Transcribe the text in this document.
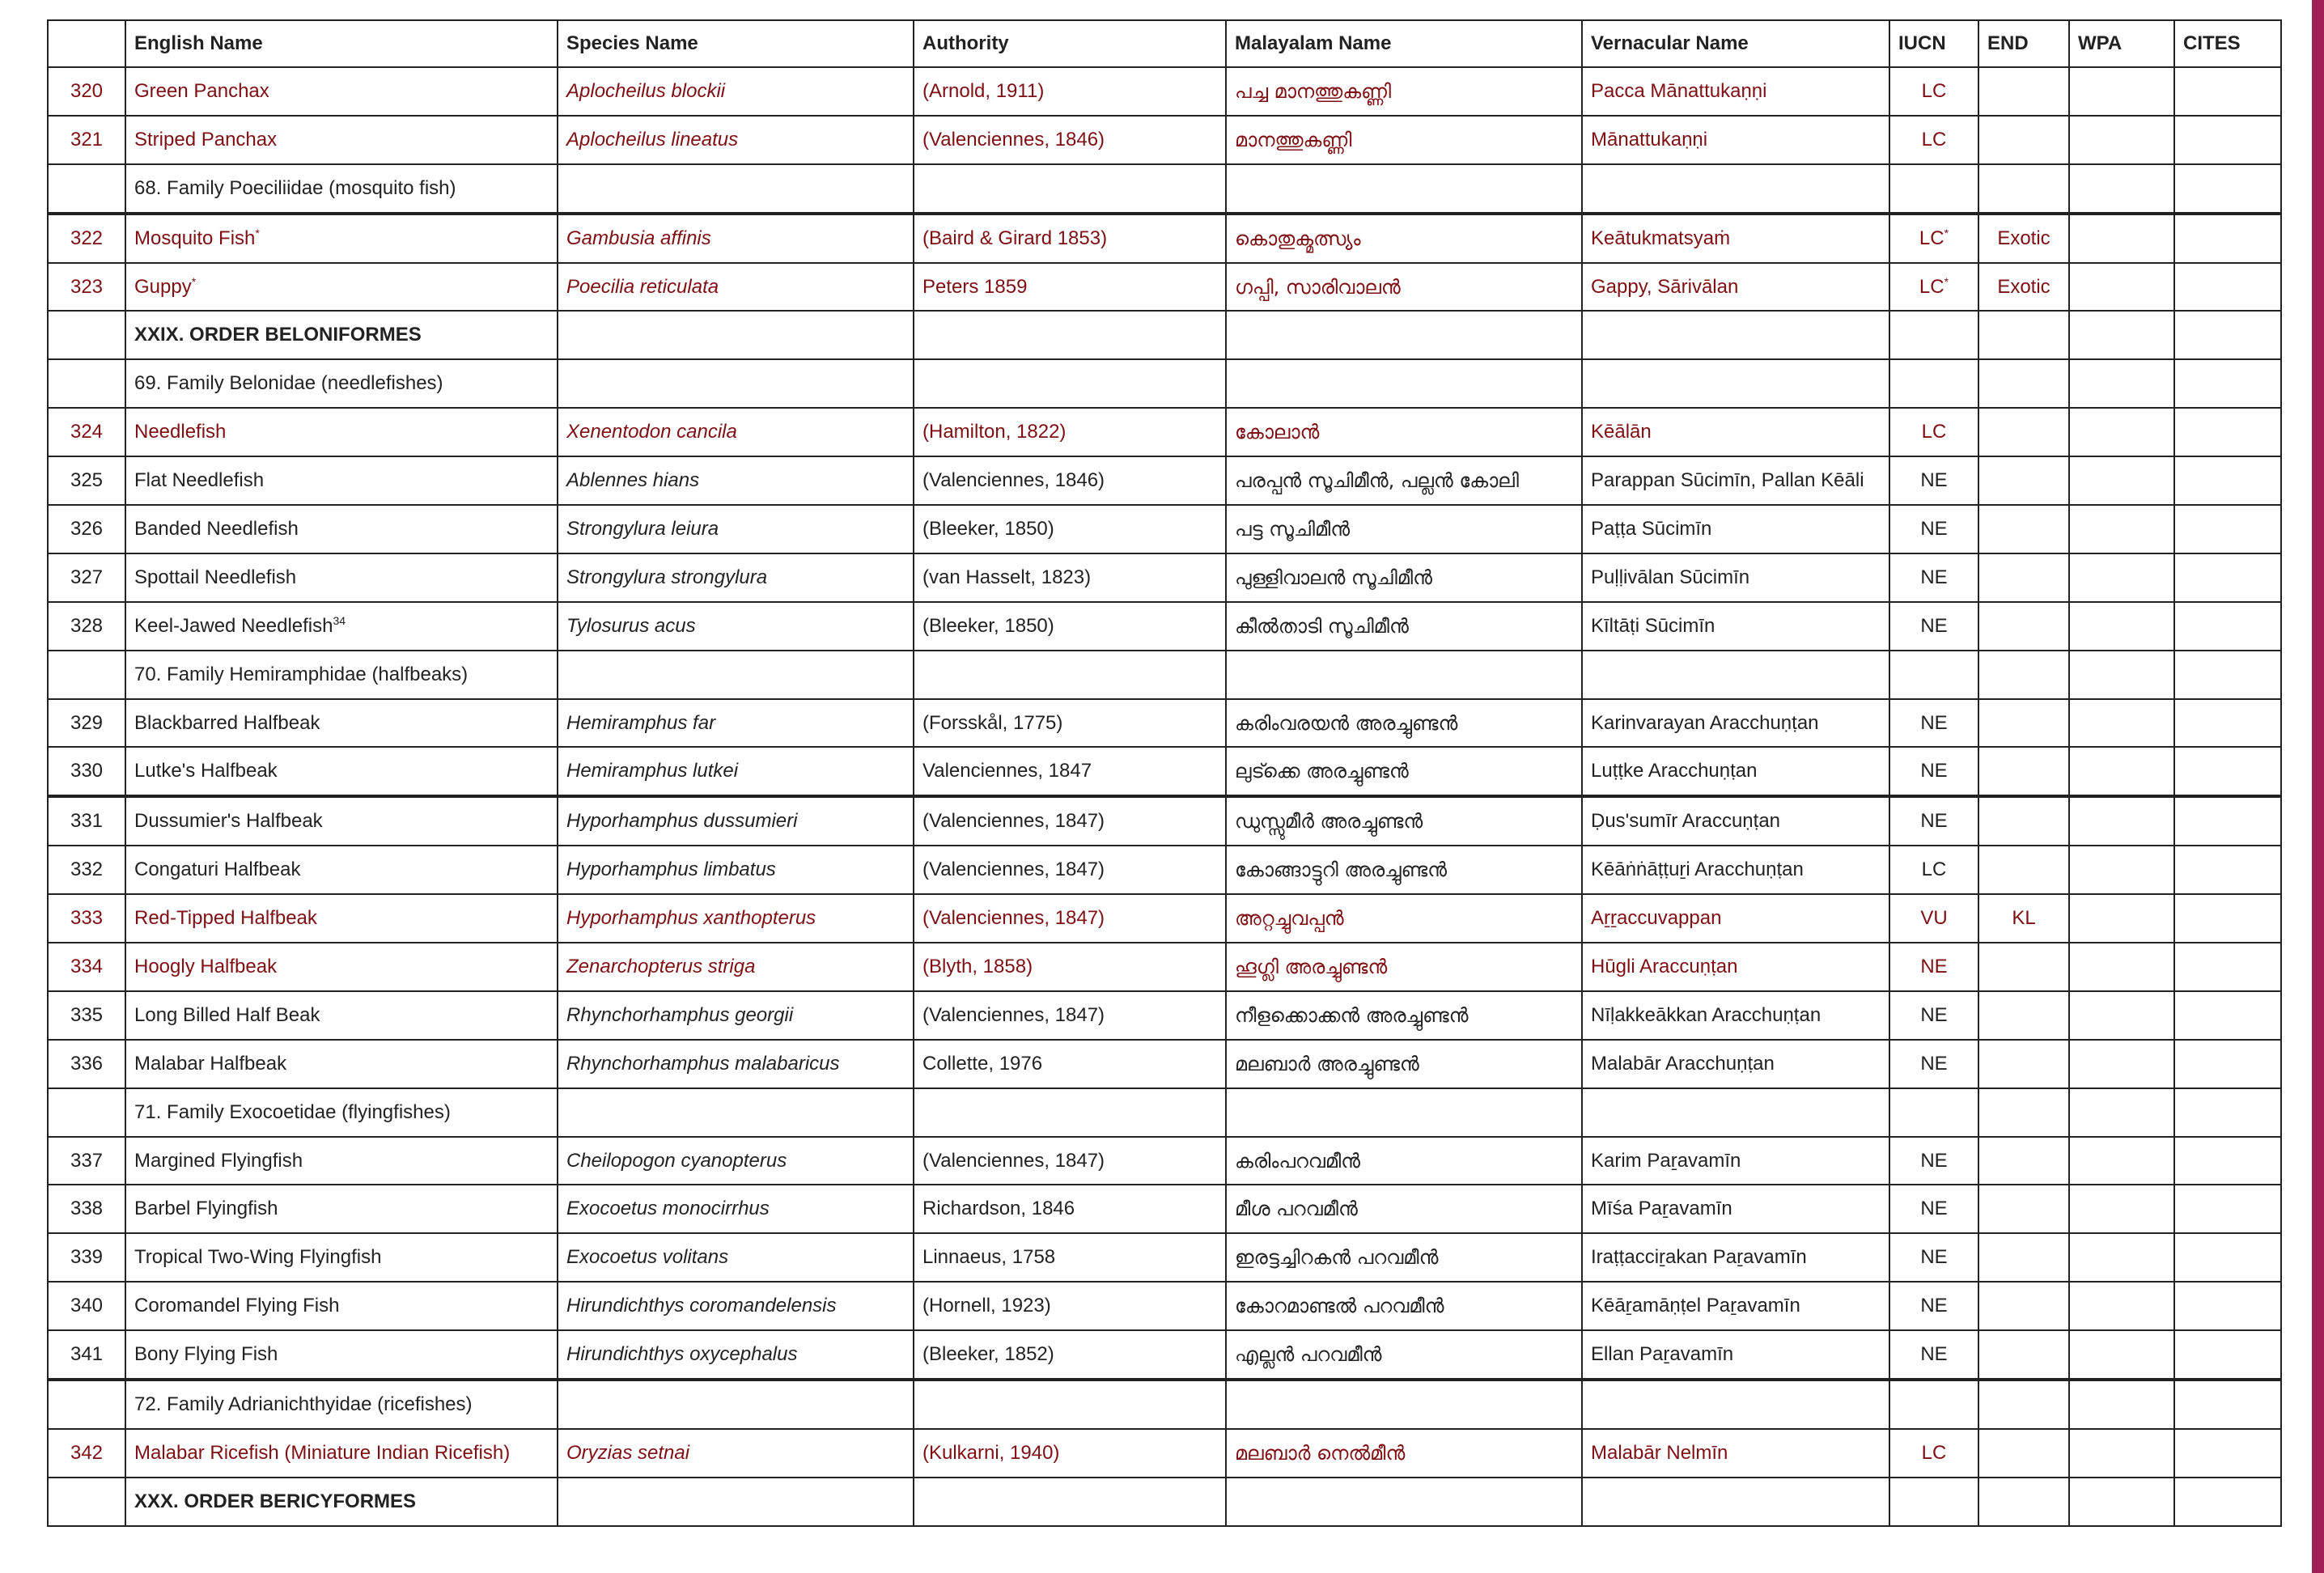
	English Name	Species Name	Authority	Malayalam Name	Vernacular Name	IUCN	END	WPA	CITES
320	Green Panchax	Aplocheilus blockii	(Arnold, 1911)	പച്ച മാനത്തുകണ്ണി	Pacca Mānattukaṇṇi	LC			
321	Striped Panchax	Aplocheilus lineatus	(Valenciennes, 1846)	മാനത്തുകണ്ണി	Mānattukaṇṇi	LC			
	68. Family Poeciliidae (mosquito fish)								
322	Mosquito Fish*	Gambusia affinis	(Baird & Girard 1853)	കൊതുക്മത്സ്യം	Keātukmatsyaṁ	LC*	Exotic		
323	Guppy*	Poecilia reticulata	Peters 1859	ഗപ്പി, സാരിവാലൻ	Gappy, Sārivālan	LC*	Exotic		
	XXIX. ORDER BELONIFORMES								
	69. Family Belonidae (needlefishes)								
324	Needlefish	Xenentodon cancila	(Hamilton, 1822)	കോലാൻ	Kēālān	LC			
325	Flat Needlefish	Ablennes hians	(Valenciennes, 1846)	പരപ്പൻ സൂചിമീൻ, പല്ലൻ കോലി	Parappan Sūcimīn, Pallan Kēāli	NE			
326	Banded Needlefish	Strongylura leiura	(Bleeker, 1850)	പട്ട സൂചിമീൻ	Paṭṭa Sūcimīn	NE			
327	Spottail Needlefish	Strongylura strongylura	(van Hasselt, 1823)	പുള്ളിവാലൻ സൂചിമീൻ	Puḷḷivālan Sūcimīn	NE			
328	Keel-Jawed Needlefish$^{34}$	Tylosurus acus	(Bleeker, 1850)	കീൽതാടി സൂചിമീൻ	Kīltāṭi Sūcimīn	NE			
	70. Family Hemiramphidae (halfbeaks)								
329	Blackbarred Halfbeak	Hemiramphus far	(Forsskål, 1775)	കരിംവരയൻ അരച്ചുണ്ടൻ	Karinvarayan Aracchuṇṭan	NE			
330	Lutke's Halfbeak	Hemiramphus lutkei	Valenciennes, 1847	ലുട്ക്കെ അരച്ചുണ്ടൻ	Luṭṭke Aracchuṇṭan	NE			
331	Dussumier's Halfbeak	Hyporhamphus dussumieri	(Valenciennes, 1847)	ഡുസ്സുമീർ അരച്ചുണ്ടൻ	Ḍus'sumīr Araccuṇṭan	NE			
332	Congaturi Halfbeak	Hyporhamphus limbatus	(Valenciennes, 1847)	കോങ്ങാട്ടുറി അരച്ചുണ്ടൻ	Kēāṅṅāṭṭuṟi Aracchuṇṭan	LC			
333	Red-Tipped Halfbeak	Hyporhamphus xanthopterus	(Valenciennes, 1847)	അറ്റച്ചുവപ്പൻ	Aṟṟaccuvappan	VU	KL		
334	Hoogly Halfbeak	Zenarchopterus striga	(Blyth, 1858)	ഹൂഗ്ലി അരച്ചുണ്ടൻ	Hūgli Araccuṇṭan	NE			
335	Long Billed Half Beak	Rhynchorhamphus georgii	(Valenciennes, 1847)	നീളക്കൊക്കൻ അരച്ചുണ്ടൻ	Nīḷakkeākkan Aracchuṇṭan	NE			
336	Malabar Halfbeak	Rhynchorhamphus malabaricus	Collette, 1976	മലബാർ അരച്ചുണ്ടൻ	Malabār Aracchuṇṭan	NE			
	71. Family Exocoetidae (flyingfishes)								
337	Margined Flyingfish	Cheilopogon cyanopterus	(Valenciennes, 1847)	കരിംപറവമീൻ	Karim Paṟavamīn	NE			
338	Barbel Flyingfish	Exocoetus monocirrhus	Richardson, 1846	മീശ പറവമീൻ	Mīśa Paṟavamīn	NE			
339	Tropical Two-Wing Flyingfish	Exocoetus volitans	Linnaeus, 1758	ഇരട്ടച്ചിറകൻ പറവമീൻ	Iraṭṭacciṟakan Paṟavamīn	NE			
340	Coromandel Flying Fish	Hirundichthys coromandelensis	(Hornell, 1923)	കോറമാണ്ടൽ പറവമീൻ	Kēāṟamāṇṭel Paṟavamīn	NE			
341	Bony Flying Fish	Hirundichthys oxycephalus	(Bleeker, 1852)	എല്ലൻ പറവമീൻ	Ellan Paṟavamīn	NE			
	72. Family Adrianichthyidae (ricefishes)								
342	Malabar Ricefish (Miniature Indian Ricefish)	Oryzias setnai	(Kulkarni, 1940)	മലബാർ നെൽമീൻ	Malabār Nelmīn	LC			
	XXX. ORDER BERICYFORMES								
